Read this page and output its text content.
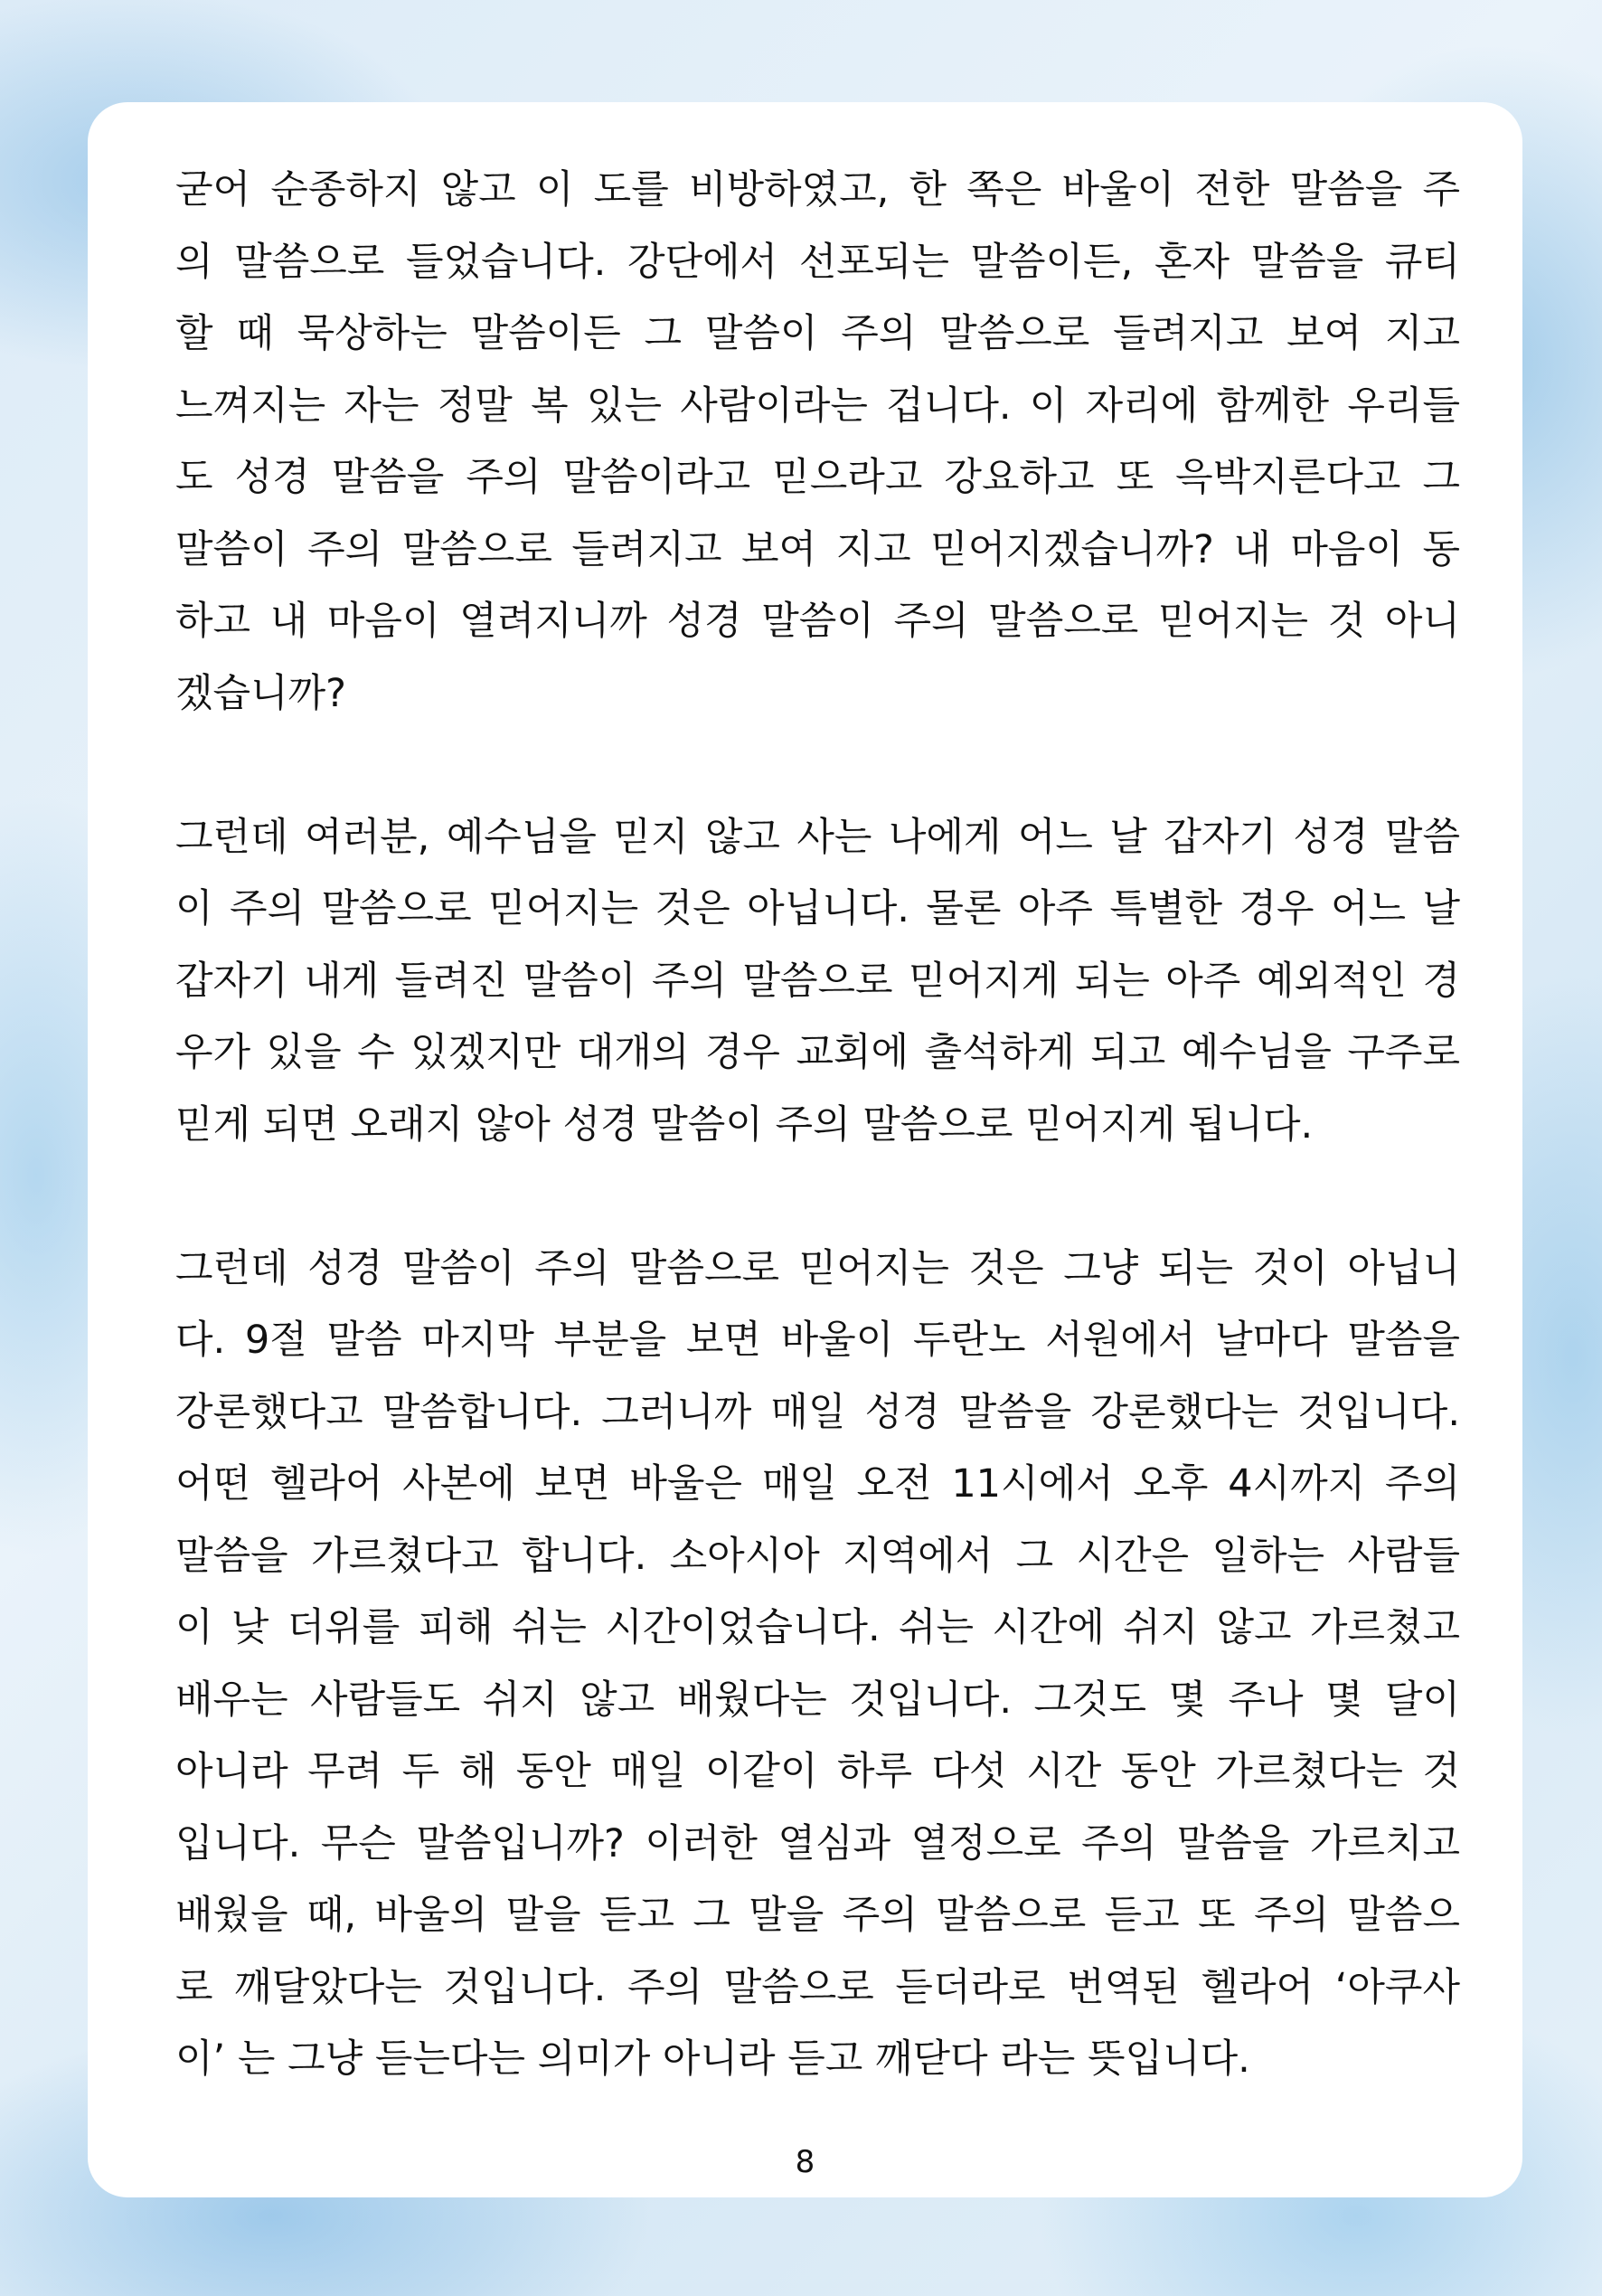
굳어 순종하지 않고 이 도를 비방하였고, 한 쪽은 바울이 전한 말씀을 주
의 말씀으로 들었습니다. 강단에서 선포되는 말씀이든, 혼자 말씀을 큐티
할 때 묵상하는 말씀이든 그 말씀이 주의 말씀으로 들려지고 보여 지고
느껴지는 자는 정말 복 있는 사람이라는 겁니다. 이 자리에 함께한 우리들
도 성경 말씀을 주의 말씀이라고 믿으라고 강요하고 또 윽박지른다고 그
말씀이 주의 말씀으로 들려지고 보여 지고 믿어지겠습니까? 내 마음이 동
하고 내 마음이 열려지니까 성경 말씀이 주의 말씀으로 믿어지는 것 아니
겠습니까?
그런데 여러분, 예수님을 믿지 않고 사는 나에게 어느 날 갑자기 성경 말씀
이 주의 말씀으로 믿어지는 것은 아닙니다. 물론 아주 특별한 경우 어느 날
갑자기 내게 들려진 말씀이 주의 말씀으로 믿어지게 되는 아주 예외적인 경
우가 있을 수 있겠지만 대개의 경우 교회에 출석하게 되고 예수님을 구주로
믿게 되면 오래지 않아 성경 말씀이 주의 말씀으로 믿어지게 됩니다.
그런데 성경 말씀이 주의 말씀으로 믿어지는 것은 그냥 되는 것이 아닙니
다. 9절 말씀 마지막 부분을 보면 바울이 두란노 서원에서 날마다 말씀을
강론했다고 말씀합니다. 그러니까 매일 성경 말씀을 강론했다는 것입니다.
어떤 헬라어 사본에 보면 바울은 매일 오전 11시에서 오후 4시까지 주의
말씀을 가르쳤다고 합니다. 소아시아 지역에서 그 시간은 일하는 사람들
이 낮 더위를 피해 쉬는 시간이었습니다. 쉬는 시간에 쉬지 않고 가르쳤고
배우는 사람들도 쉬지 않고 배웠다는 것입니다. 그것도 몇 주나 몇 달이
아니라 무려 두 해 동안 매일 이같이 하루 다섯 시간 동안 가르쳤다는 것
입니다. 무슨 말씀입니까? 이러한 열심과 열정으로 주의 말씀을 가르치고
배웠을 때, 바울의 말을 듣고 그 말을 주의 말씀으로 듣고 또 주의 말씀으
로 깨달았다는 것입니다. 주의 말씀으로 듣더라로 번역된 헬라어 ‘아쿠사
이’ 는 그냥 듣는다는 의미가 아니라 듣고 깨닫다 라는 뜻입니다.
8
